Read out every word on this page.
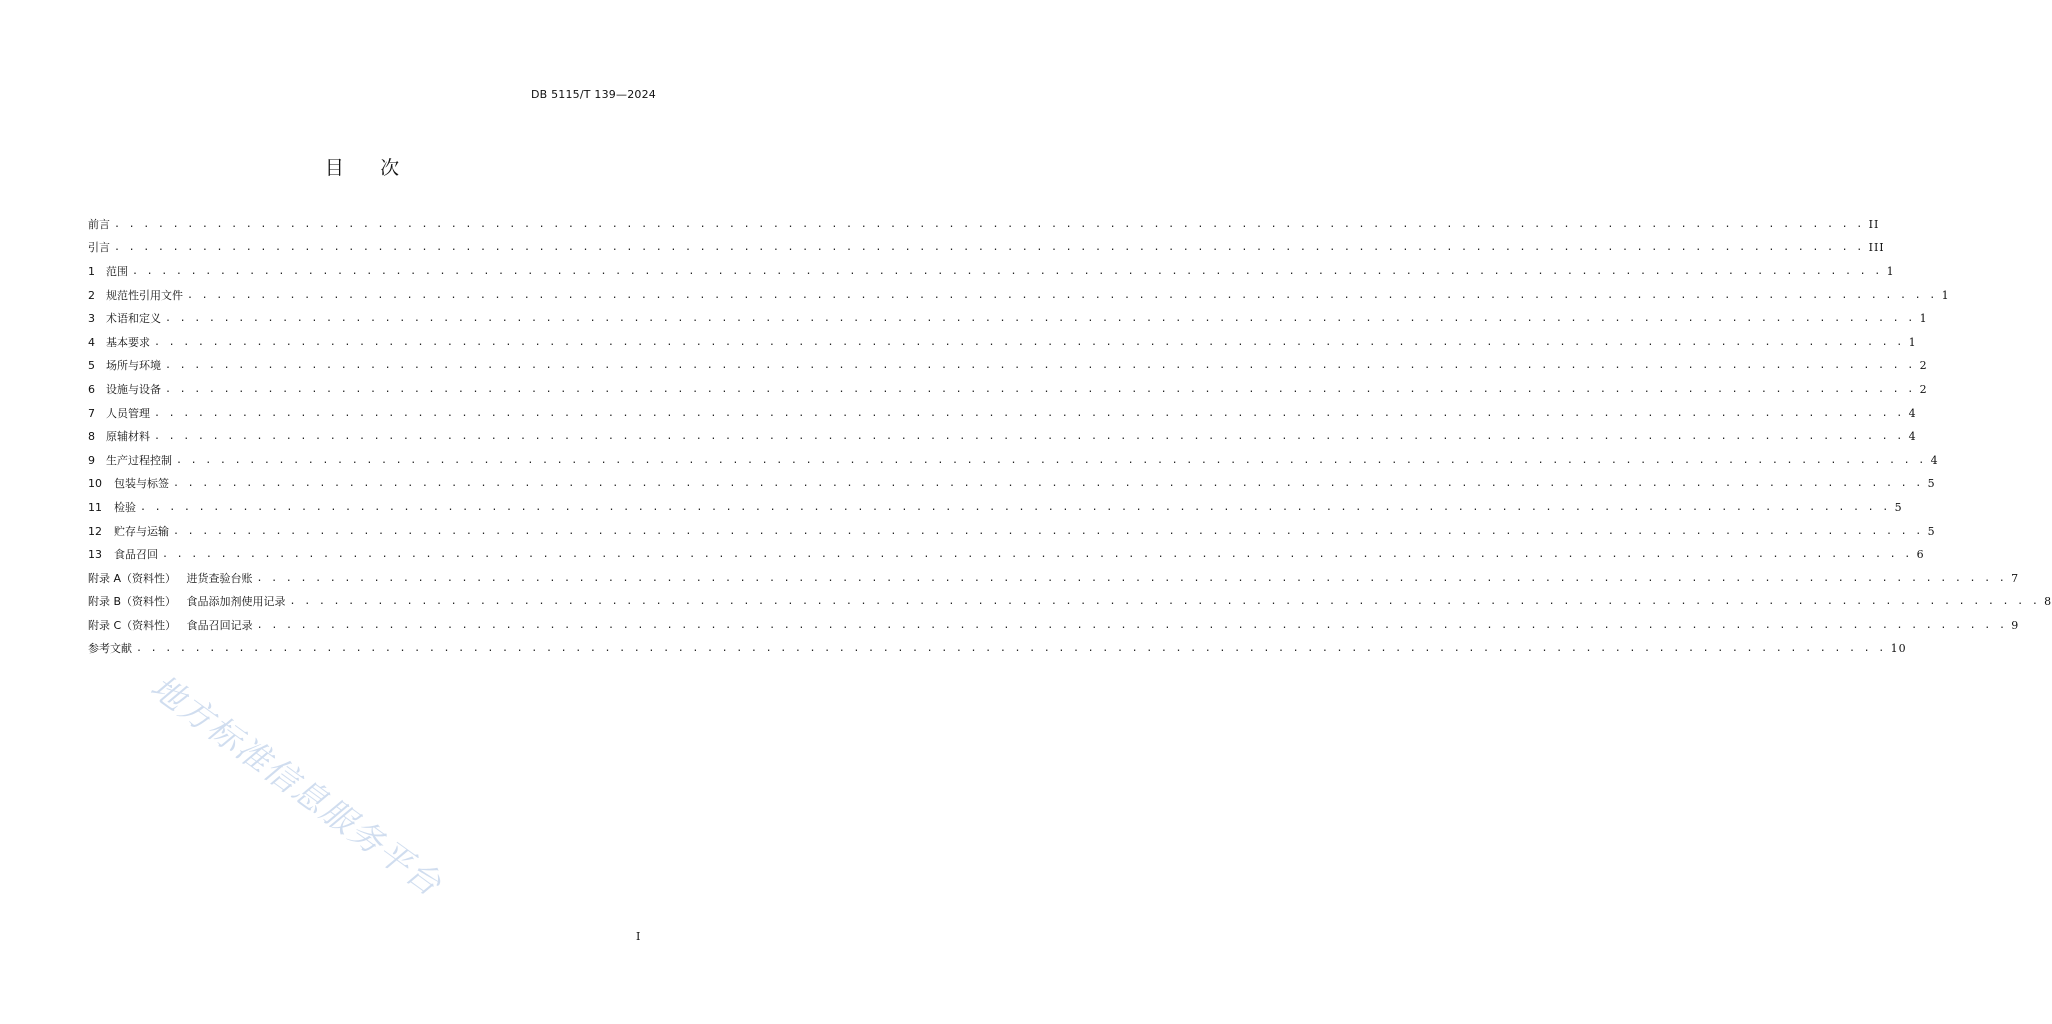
DB 5115/T 139—2024
目      次
前言 . . . . . . . . . . . . . . . . . . . . . . . . . . . . . . . . . . . . . . . . . . . . . . . . . . . . . . . . . . . . . . . . . . . . . . . . . . . . . . . . . . . . . . . . . . . . . . . . . . . . . . . . . . . . . . . . . . . . . . . . II
引言 . . . . . . . . . . . . . . . . . . . . . . . . . . . . . . . . . . . . . . . . . . . . . . . . . . . . . . . . . . . . . . . . . . . . . . . . . . . . . . . . . . . . . . . . . . . . . . . . . . . . . . . . . . . . . . . . . . . . . . . . III
1	范围 . . . . . . . . . . . . . . . . . . . . . . . . . . . . . . . . . . . . . . . . . . . . . . . . . . . . . . . . . . . . . . . . . . . . . . . . . . . . . . . . . . . . . . . . . . . . . . . . . . . . . . . . . . . . . . . . . . . . . . . . 1
2	规范性引用文件 . . . . . . . . . . . . . . . . . . . . . . . . . . . . . . . . . . . . . . . . . . . . . . . . . . . . . . . . . . . . . . . . . . . . . . . . . . . . . . . . . . . . . . . . . . . . . . . . . . . . . . . . . . . . . . . . . . . . . . . . 1
3	术语和定义 . . . . . . . . . . . . . . . . . . . . . . . . . . . . . . . . . . . . . . . . . . . . . . . . . . . . . . . . . . . . . . . . . . . . . . . . . . . . . . . . . . . . . . . . . . . . . . . . . . . . . . . . . . . . . . . . . . . . . . . . 1
4	基本要求 . . . . . . . . . . . . . . . . . . . . . . . . . . . . . . . . . . . . . . . . . . . . . . . . . . . . . . . . . . . . . . . . . . . . . . . . . . . . . . . . . . . . . . . . . . . . . . . . . . . . . . . . . . . . . . . . . . . . . . . . 1
5	场所与环境 . . . . . . . . . . . . . . . . . . . . . . . . . . . . . . . . . . . . . . . . . . . . . . . . . . . . . . . . . . . . . . . . . . . . . . . . . . . . . . . . . . . . . . . . . . . . . . . . . . . . . . . . . . . . . . . . . . . . . . . . 2
6	设施与设备 . . . . . . . . . . . . . . . . . . . . . . . . . . . . . . . . . . . . . . . . . . . . . . . . . . . . . . . . . . . . . . . . . . . . . . . . . . . . . . . . . . . . . . . . . . . . . . . . . . . . . . . . . . . . . . . . . . . . . . . . 2
7	人员管理 . . . . . . . . . . . . . . . . . . . . . . . . . . . . . . . . . . . . . . . . . . . . . . . . . . . . . . . . . . . . . . . . . . . . . . . . . . . . . . . . . . . . . . . . . . . . . . . . . . . . . . . . . . . . . . . . . . . . . . . . 4
8	原辅材料 . . . . . . . . . . . . . . . . . . . . . . . . . . . . . . . . . . . . . . . . . . . . . . . . . . . . . . . . . . . . . . . . . . . . . . . . . . . . . . . . . . . . . . . . . . . . . . . . . . . . . . . . . . . . . . . . . . . . . . . . 4
9	生产过程控制 . . . . . . . . . . . . . . . . . . . . . . . . . . . . . . . . . . . . . . . . . . . . . . . . . . . . . . . . . . . . . . . . . . . . . . . . . . . . . . . . . . . . . . . . . . . . . . . . . . . . . . . . . . . . . . . . . . . . . . . . 4
10	包装与标签 . . . . . . . . . . . . . . . . . . . . . . . . . . . . . . . . . . . . . . . . . . . . . . . . . . . . . . . . . . . . . . . . . . . . . . . . . . . . . . . . . . . . . . . . . . . . . . . . . . . . . . . . . . . . . . . . . . . . . . . . 5
11	检验 . . . . . . . . . . . . . . . . . . . . . . . . . . . . . . . . . . . . . . . . . . . . . . . . . . . . . . . . . . . . . . . . . . . . . . . . . . . . . . . . . . . . . . . . . . . . . . . . . . . . . . . . . . . . . . . . . . . . . . . . 5
12	贮存与运输 . . . . . . . . . . . . . . . . . . . . . . . . . . . . . . . . . . . . . . . . . . . . . . . . . . . . . . . . . . . . . . . . . . . . . . . . . . . . . . . . . . . . . . . . . . . . . . . . . . . . . . . . . . . . . . . . . . . . . . . . 5
13	食品召回 . . . . . . . . . . . . . . . . . . . . . . . . . . . . . . . . . . . . . . . . . . . . . . . . . . . . . . . . . . . . . . . . . . . . . . . . . . . . . . . . . . . . . . . . . . . . . . . . . . . . . . . . . . . . . . . . . . . . . . . . 6
附录 A（资料性）   进货查验台账 . . . . . . . . . . . . . . . . . . . . . . . . . . . . . . . . . . . . . . . . . . . . . . . . . . . . . . . . . . . . . . . . . . . . . . . . . . . . . . . . . . . . . . . . . . . . . . . . . . . . . . . . . . . . . . . . . . . . . . . . 7
附录 B（资料性）   食品添加剂使用记录 . . . . . . . . . . . . . . . . . . . . . . . . . . . . . . . . . . . . . . . . . . . . . . . . . . . . . . . . . . . . . . . . . . . . . . . . . . . . . . . . . . . . . . . . . . . . . . . . . . . . . . . . . . . . . . . . . . . . . . . . 8
附录 C（资料性）   食品召回记录 . . . . . . . . . . . . . . . . . . . . . . . . . . . . . . . . . . . . . . . . . . . . . . . . . . . . . . . . . . . . . . . . . . . . . . . . . . . . . . . . . . . . . . . . . . . . . . . . . . . . . . . . . . . . . . . . . . . . . . . . 9
参考文献 . . . . . . . . . . . . . . . . . . . . . . . . . . . . . . . . . . . . . . . . . . . . . . . . . . . . . . . . . . . . . . . . . . . . . . . . . . . . . . . . . . . . . . . . . . . . . . . . . . . . . . . . . . . . . . . . . . . . . . . . 10
地方标准信息服务平台
I
